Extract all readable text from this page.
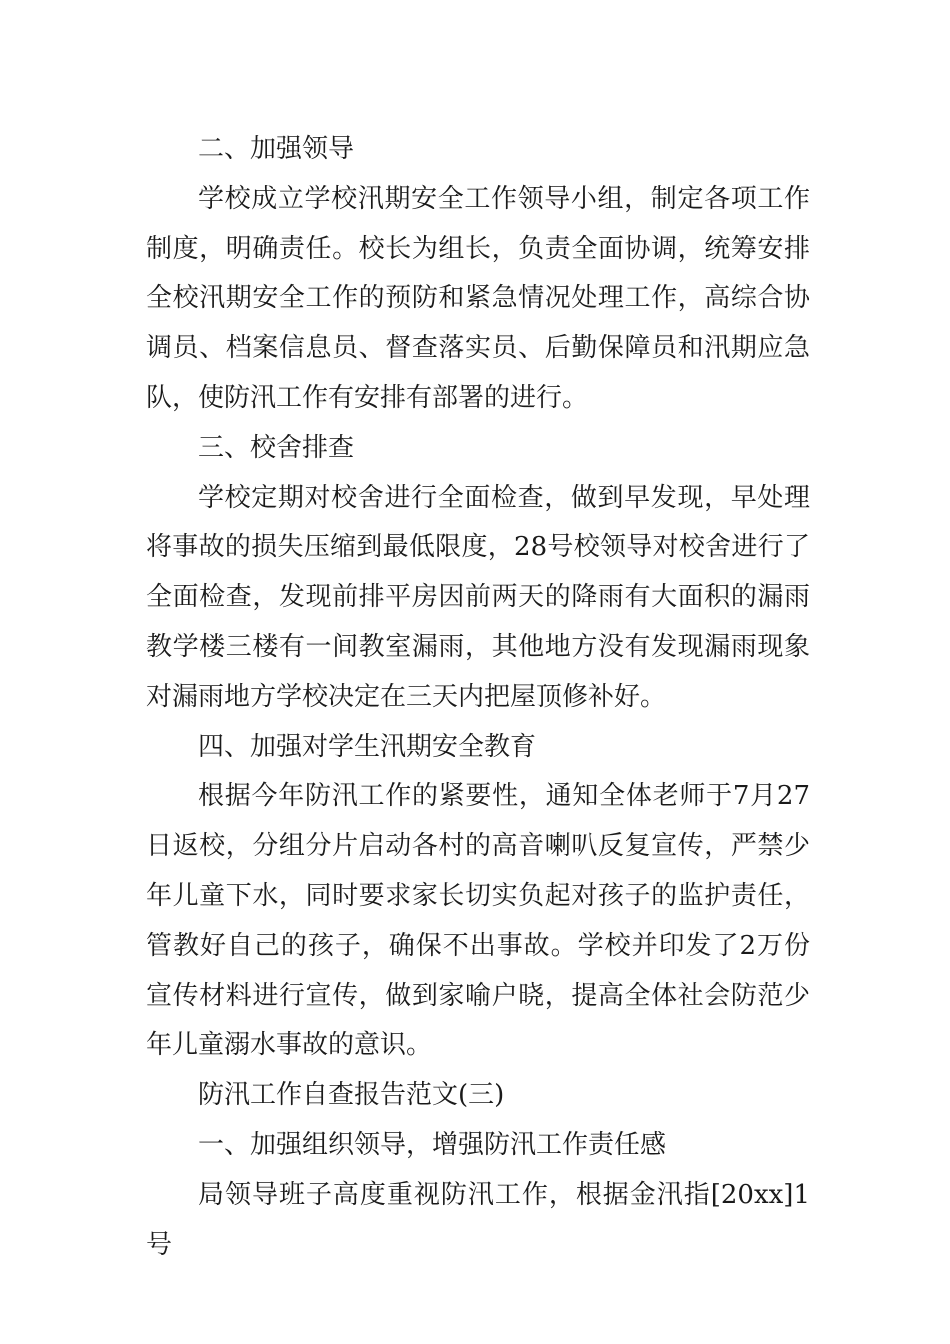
二、加强领导

学校成立学校汛期安全工作领导小组，制定各项工作制度，明确责任。校长为组长，负责全面协调，统筹安排全校汛期安全工作的预防和紧急情况处理工作，高综合协调员、档案信息员、督查落实员、后勤保障员和汛期应急队，使防汛工作有安排有部署的进行。

三、校舍排查

学校定期对校舍进行全面检查，做到早发现，早处理将事故的损失压缩到最低限度，28号校领导对校舍进行了全面检查，发现前排平房因前两天的降雨有大面积的漏雨教学楼三楼有一间教室漏雨，其他地方没有发现漏雨现象对漏雨地方学校决定在三天内把屋顶修补好。

四、加强对学生汛期安全教育

根据今年防汛工作的紧要性，通知全体老师于7月27日返校，分组分片启动各村的高音喇叭反复宣传，严禁少年儿童下水，同时要求家长切实负起对孩子的监护责任，管教好自己的孩子，确保不出事故。学校并印发了2万份宣传材料进行宣传，做到家喻户晓，提高全体社会防范少年儿童溺水事故的意识。

防汛工作自查报告范文(三)

一、加强组织领导，增强防汛工作责任感

局领导班子高度重视防汛工作，根据金汛指[20xx]1号
